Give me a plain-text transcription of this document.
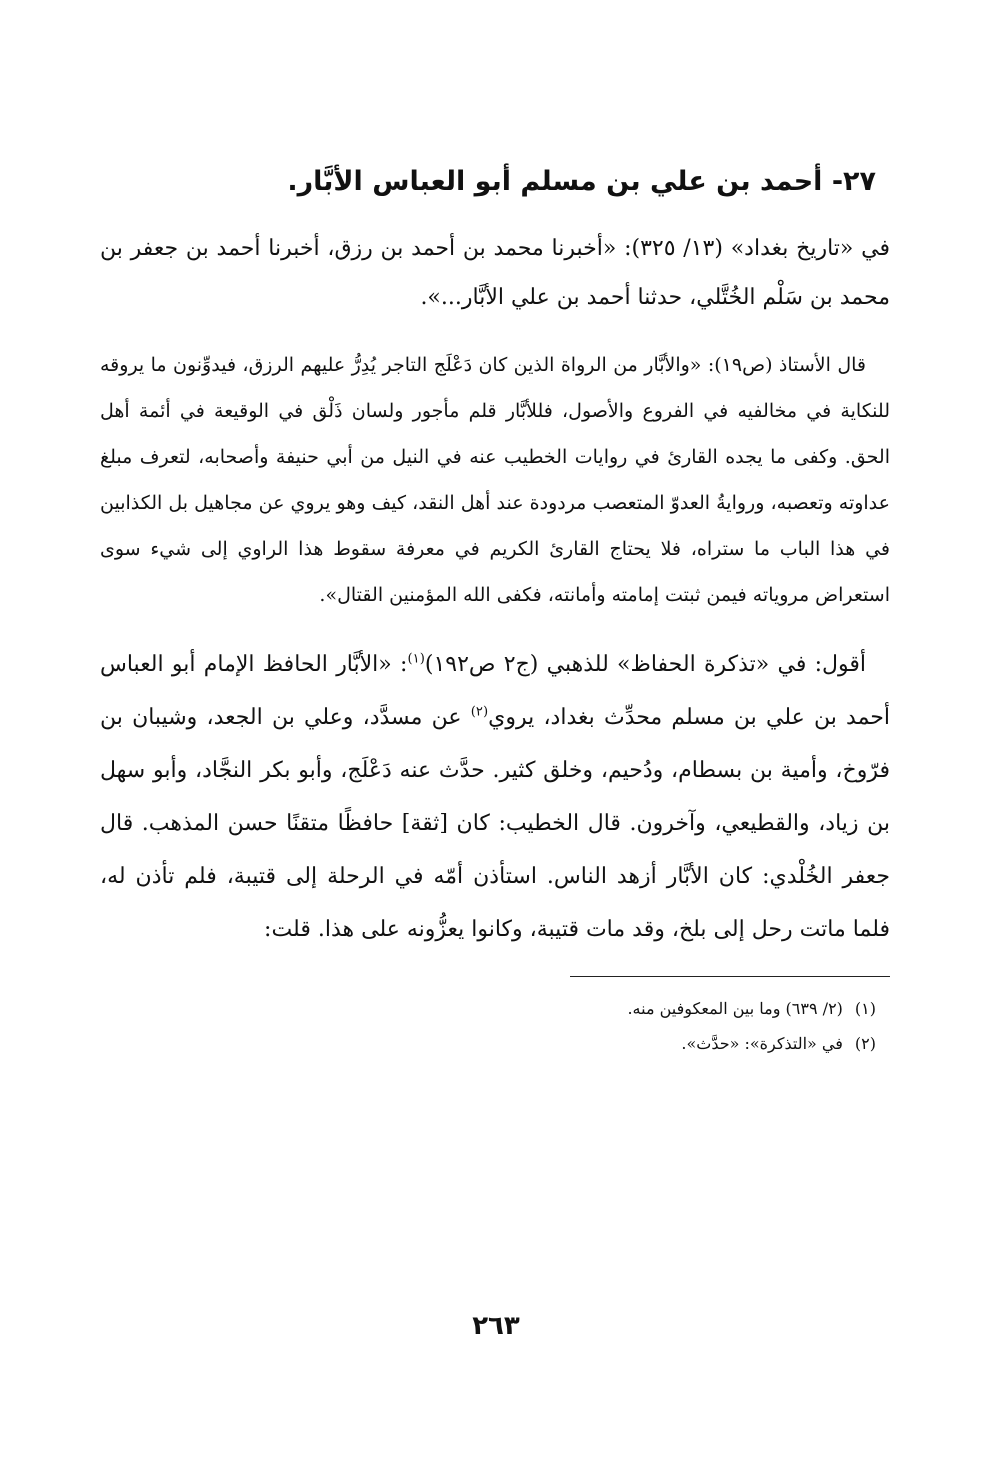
٢٧- أحمد بن علي بن مسلم أبو العباس الأبَّار.

في «تاريخ بغداد» (١٣/ ٣٢٥): «أخبرنا محمد بن أحمد بن رزق، أخبرنا أحمد بن جعفر بن محمد بن سَلْم الخُتَّلي، حدثنا أحمد بن علي الأبَّار...».

قال الأستاذ (ص١٩): «والأبَّار من الرواة الذين كان دَعْلَج التاجر يُدِرُّ عليهم الرزق، فيدوِّنون ما يروقه للنكاية في مخالفيه في الفروع والأصول، فللأبَّار قلم مأجور ولسان ذَلْق في الوقيعة في أئمة أهل الحق. وكفى ما يجده القارئ في روايات الخطيب عنه في النيل من أبي حنيفة وأصحابه، لتعرف مبلغ عداوته وتعصبه، وروايةُ العدوّ المتعصب مردودة عند أهل النقد، كيف وهو يروي عن مجاهيل بل الكذابين في هذا الباب ما ستراه، فلا يحتاج القارئ الكريم في معرفة سقوط هذا الراوي إلى شيء سوى استعراض مروياته فيمن ثبتت إمامته وأمانته، فكفى الله المؤمنين القتال».

أقول: في «تذكرة الحفاظ» للذهبي (ج٢ ص١٩٢)$^{(١)}$: «الأبَّار الحافظ الإمام أبو العباس أحمد بن علي بن مسلم محدِّث بغداد، يروي$^{(٢)}$ عن مسدَّد، وعلي بن الجعد، وشيبان بن فرّوخ، وأمية بن بسطام، ودُحيم، وخلق كثير. حدَّث عنه دَعْلَج، وأبو بكر النجَّاد، وأبو سهل بن زياد، والقطيعي، وآخرون. قال الخطيب: كان [ثقة] حافظًا متقنًا حسن المذهب. قال جعفر الخُلْدي: كان الأبَّار أزهد الناس. استأذن أمّه في الرحلة إلى قتيبة، فلم تأذن له، فلما ماتت رحل إلى بلخ، وقد مات قتيبة، وكانوا يعزُّونه على هذا. قلت:

(١)(٢/ ٦٣٩) وما بين المعكوفين منه.

(٢)في «التذكرة»: «حدَّث».

٢٦٣
